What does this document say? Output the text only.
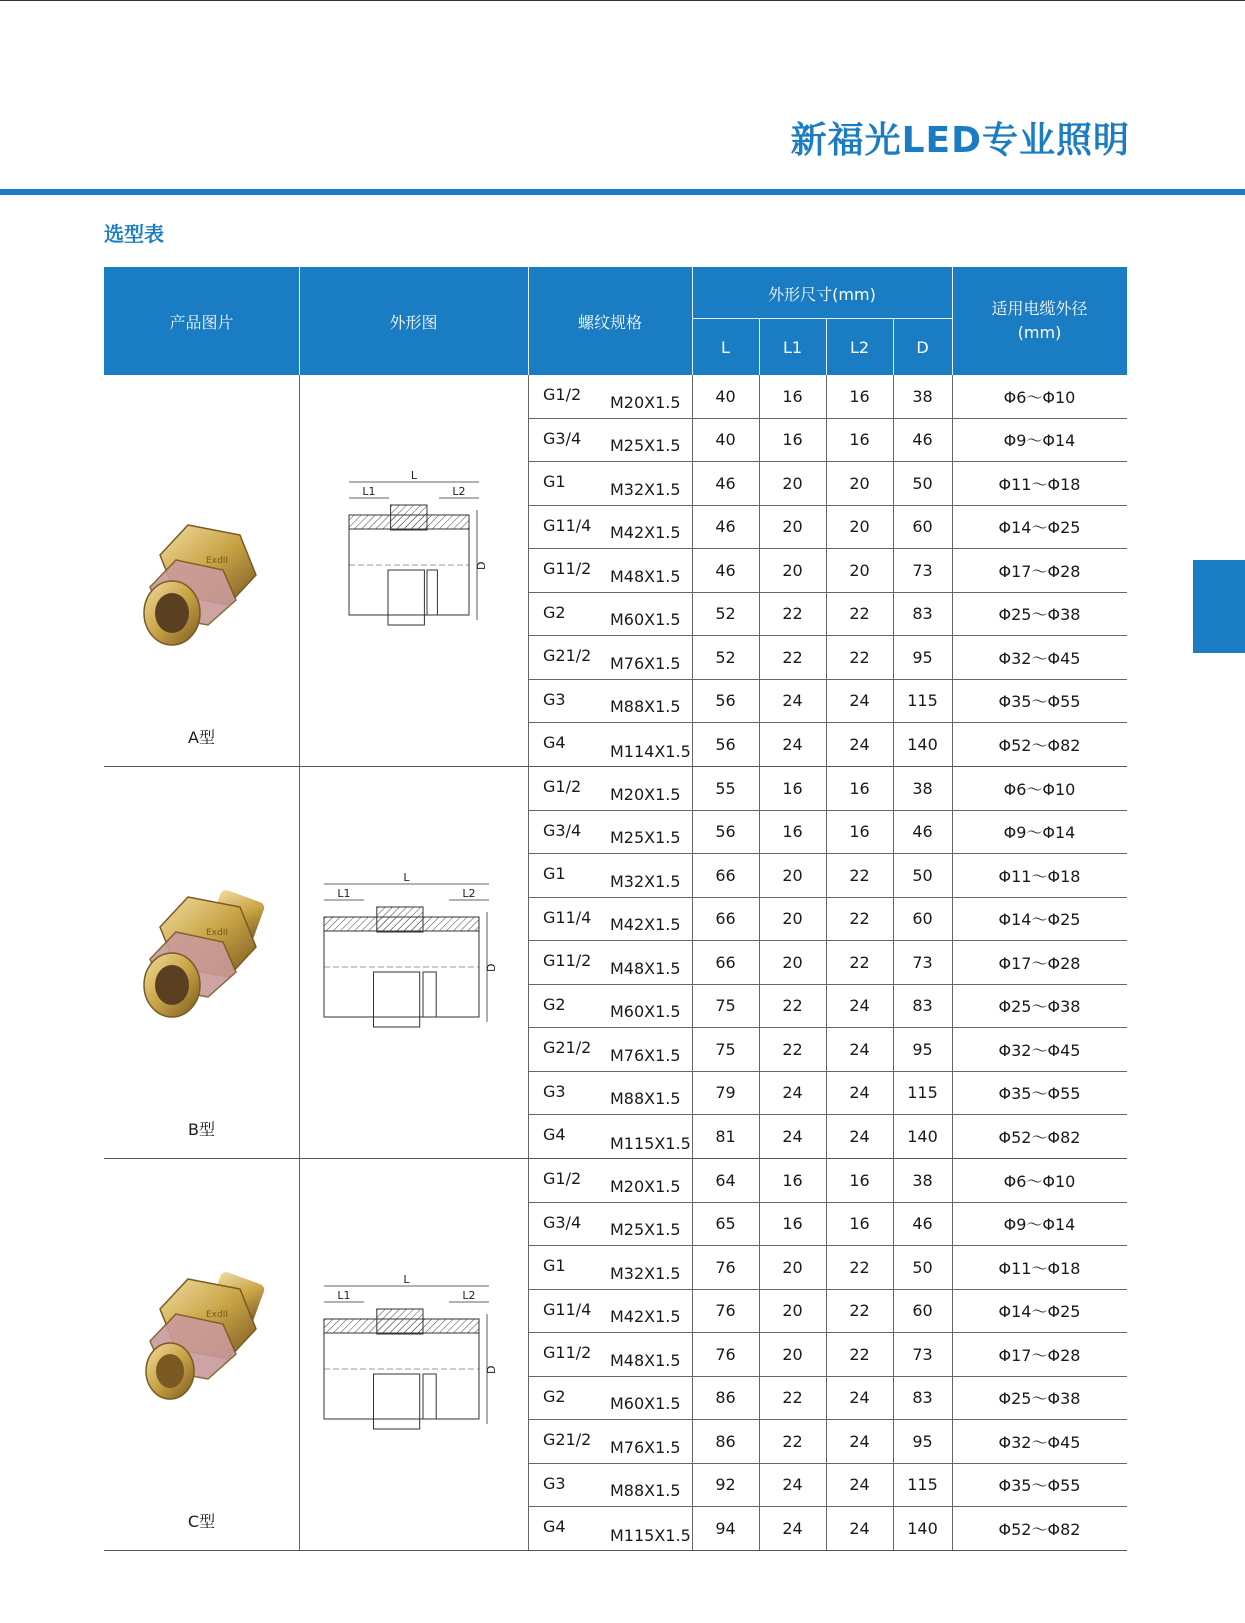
新福光LED专业照明
选型表
产品图片	外形图	螺纹规格
外形尺寸(mm)
L	L1	L2	D
适用电缆外径
(mm)
ExdII
A型
L
L1	L2
D
G1/2	M20X1.5	40	16	16	38	Φ6～Φ10
G3/4	M25X1.5	40	16	16	46	Φ9～Φ14
G1	M32X1.5	46	20	20	50	Φ11～Φ18
G11/4	M42X1.5	46	20	20	60	Φ14～Φ25
G11/2	M48X1.5	46	20	20	73	Φ17～Φ28
G2	M60X1.5	52	22	22	83	Φ25～Φ38
G21/2	M76X1.5	52	22	22	95	Φ32～Φ45
G3	M88X1.5	56	24	24	115	Φ35～Φ55
G4	M114X1.5	56	24	24	140	Φ52～Φ82
ExdII
B型
L
L1	L2
D
G1/2	M20X1.5	55	16	16	38	Φ6～Φ10
G3/4	M25X1.5	56	16	16	46	Φ9～Φ14
G1	M32X1.5	66	20	22	50	Φ11～Φ18
G11/4	M42X1.5	66	20	22	60	Φ14～Φ25
G11/2	M48X1.5	66	20	22	73	Φ17～Φ28
G2	M60X1.5	75	22	24	83	Φ25～Φ38
G21/2	M76X1.5	75	22	24	95	Φ32～Φ45
G3	M88X1.5	79	24	24	115	Φ35～Φ55
G4	M115X1.5	81	24	24	140	Φ52～Φ82
ExdII
C型
L
L1	L2
D
G1/2	M20X1.5	64	16	16	38	Φ6～Φ10
G3/4	M25X1.5	65	16	16	46	Φ9～Φ14
G1	M32X1.5	76	20	22	50	Φ11～Φ18
G11/4	M42X1.5	76	20	22	60	Φ14～Φ25
G11/2	M48X1.5	76	20	22	73	Φ17～Φ28
G2	M60X1.5	86	22	24	83	Φ25～Φ38
G21/2	M76X1.5	86	22	24	95	Φ32～Φ45
G3	M88X1.5	92	24	24	115	Φ35～Φ55
G4	M115X1.5	94	24	24	140	Φ52～Φ82
